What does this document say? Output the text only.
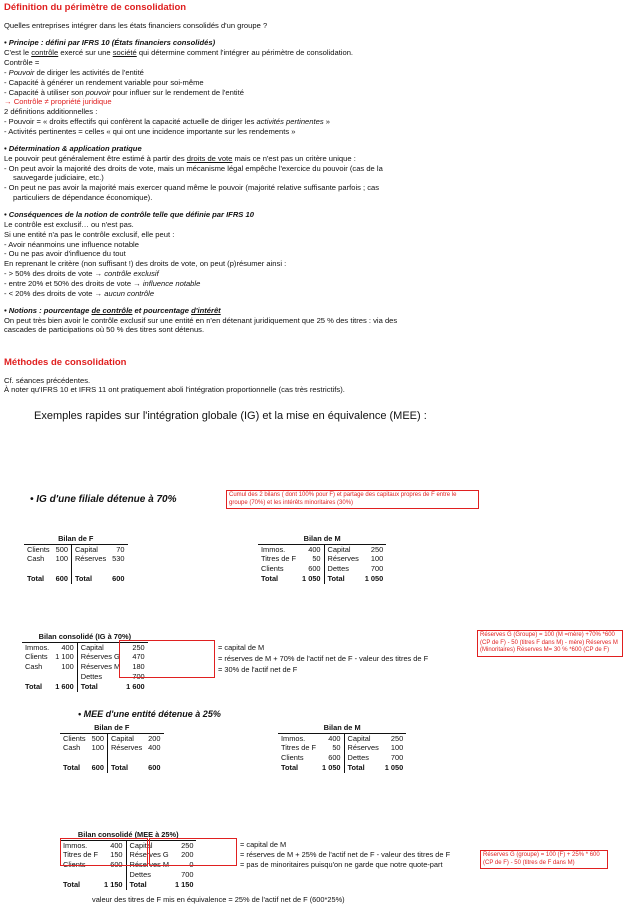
Définition du périmètre de consolidation
Quelles entreprises intégrer dans les états financiers consolidés d'un groupe ?
• Principe : défini par IFRS 10 (États financiers consolidés)
C'est le contrôle exercé sur une société qui détermine comment l'intégrer au périmètre de consolidation.
Contrôle =
- Pouvoir de diriger les activités de l'entité
- Capacité à générer un rendement variable pour soi-même
- Capacité à utiliser son pouvoir pour influer sur le rendement de l'entité
→ Contrôle ≠ propriété juridique
2 définitions additionnelles :
- Pouvoir = « droits effectifs qui confèrent la capacité actuelle de diriger les activités pertinentes »
- Activités pertinentes = celles « qui ont une incidence importante sur les rendements »
• Détermination & application pratique
Le pouvoir peut généralement être estimé à partir des droits de vote mais ce n'est pas un critère unique :
- On peut avoir la majorité des droits de vote, mais un mécanisme légal empêche l'exercice du pouvoir (cas de la
sauvegarde judiciaire, etc.)
- On peut ne pas avoir la majorité mais exercer quand même le pouvoir (majorité relative suffisante parfois ; cas
particuliers de dépendance économique).
• Conséquences de la notion de contrôle telle que définie par IFRS 10
Le contrôle est exclusif… ou n'est pas.
Si une entité n'a pas le contrôle exclusif, elle peut :
- Avoir néanmoins une influence notable
- Ou ne pas avoir d'influence du tout
En reprenant le critère (non suffisant !) des droits de vote, on peut (p)résumer ainsi :
- > 50% des droits de vote → contrôle exclusif
- entre 20% et 50% des droits de vote → influence notable
- < 20% des droits de vote → aucun contrôle
• Notions : pourcentage de contrôle et pourcentage d'intérêt
On peut très bien avoir le contrôle exclusif sur une entité en n'en détenant juridiquement que 25 % des titres : via des
cascades de participations où 50 % des titres sont détenus.
Méthodes de consolidation
Cf. séances précédentes.
À noter qu'IFRS 10 et IFRS 11 ont pratiquement aboli l'intégration proportionnelle (cas très restrictifs).
Exemples rapides sur l'intégration globale (IG) et la mise en équivalence (MEE) :
• IG d'une filiale détenue à 70%	Cumul des 2 bilans ( dont 100% pour F) et partage des capitaux propres de F entre le groupe (70%) et les intérêts minoritaires (30%)
Bilan de F			
Clients	500	Capital	70
Cash	100	Réserves	530

Total	600	Total	600
Bilan de M			
Immos.	400	Capital	250
Titres de F	50	Réserves	100
Clients	600	Dettes	700
Total	1 050	Total	1 050
Bilan consolidé (IG à 70%)			
Immos.	400	Capital	250
Clients	1 100	Réserves G	470
Cash	100	Réserves M	180
		Dettes	700
Total	1 600	Total	1 600
= capital de M
= réserves de M + 70% de l'actif net de F - valeur des titres de F
= 30% de l'actif net de F
Réserves G (Groupe) = 100 (M =mère) +70% *600 (CP de F) - 50 (titres F dans M) - mère) Réserves M (Minoritaires) Réserves M= 30 % *600 (CP de F)
• MEE d'une entité détenue à 25%
Bilan de F			
Clients	500	Capital	200
Cash	100	Réserves	400

Total	600	Total	600
Bilan de M			
Immos.	400	Capital	250
Titres de F	50	Réserves	100
Clients	600	Dettes	700
Total	1 050	Total	1 050
Bilan consolidé (MEE à 25%)			
Immos.	400	Capital	250
Titres de F	150	Réserves G	200
Clients	600	Réserves M	0
		Dettes	700
Total	1 150	Total	1 150
= capital de M
= réserves de M + 25% de l'actif net de F - valeur des titres de F
= pas de minoritaires puisqu'on ne garde que notre quote-part
Réserves G (groupe) = 100 (F) + 25% * 600 (CP de F) - 50 (titres de F dans M)
valeur des titres de F mis en équivalence = 25% de l'actif net de F (600*25%)
